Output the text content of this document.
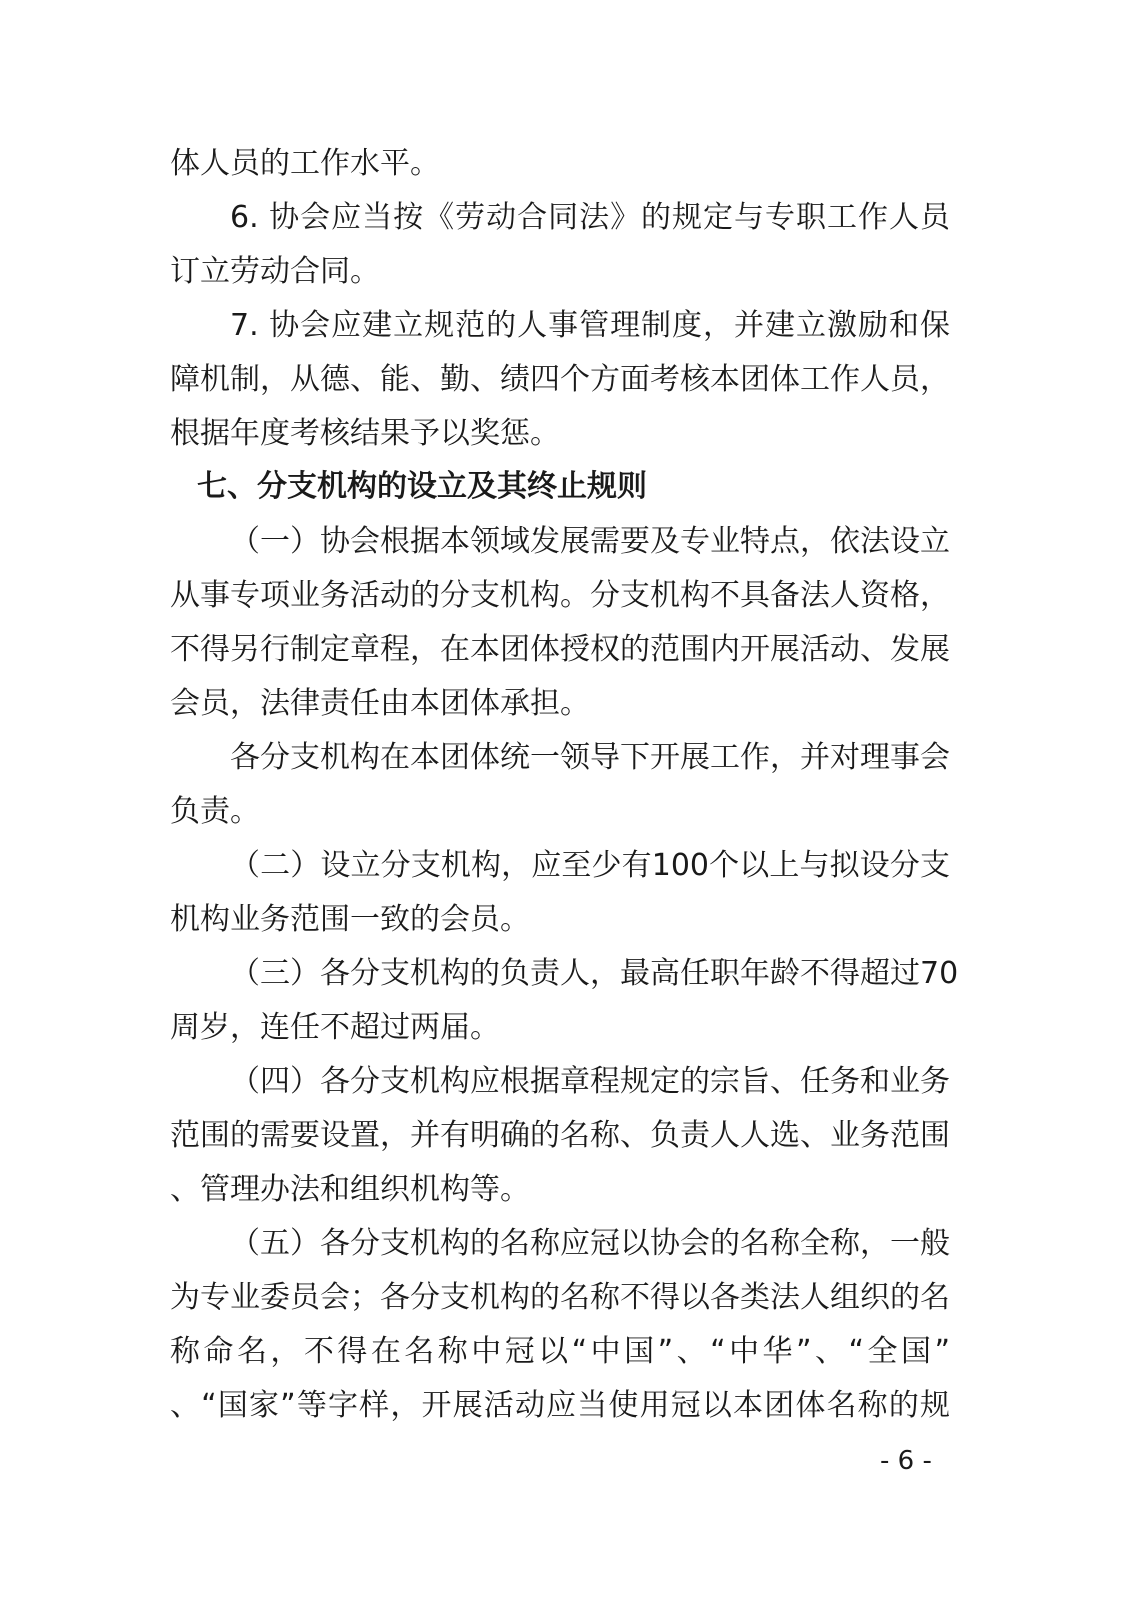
体人员的工作水平。
6. 协会应当按《劳动合同法》的规定与专职工作人员
订立劳动合同。
7. 协会应建立规范的人事管理制度，并建立激励和保
障机制，从德、能、勤、绩四个方面考核本团体工作人员，
根据年度考核结果予以奖惩。
七、分支机构的设立及其终止规则
（一）协会根据本领域发展需要及专业特点，依法设立
从事专项业务活动的分支机构。分支机构不具备法人资格，
不得另行制定章程，在本团体授权的范围内开展活动、发展
会员，法律责任由本团体承担。
各分支机构在本团体统一领导下开展工作，并对理事会
负责。
（二）设立分支机构，应至少有100个以上与拟设分支
机构业务范围一致的会员。
（三）各分支机构的负责人，最高任职年龄不得超过70
周岁，连任不超过两届。
（四）各分支机构应根据章程规定的宗旨、任务和业务
范围的需要设置，并有明确的名称、负责人人选、业务范围
、管理办法和组织机构等。
（五）各分支机构的名称应冠以协会的名称全称，一般
为专业委员会；各分支机构的名称不得以各类法人组织的名
称命名，不得在名称中冠以“中国”、“中华”、“全国”
、“国家”等字样，开展活动应当使用冠以本团体名称的规
- 6 -
